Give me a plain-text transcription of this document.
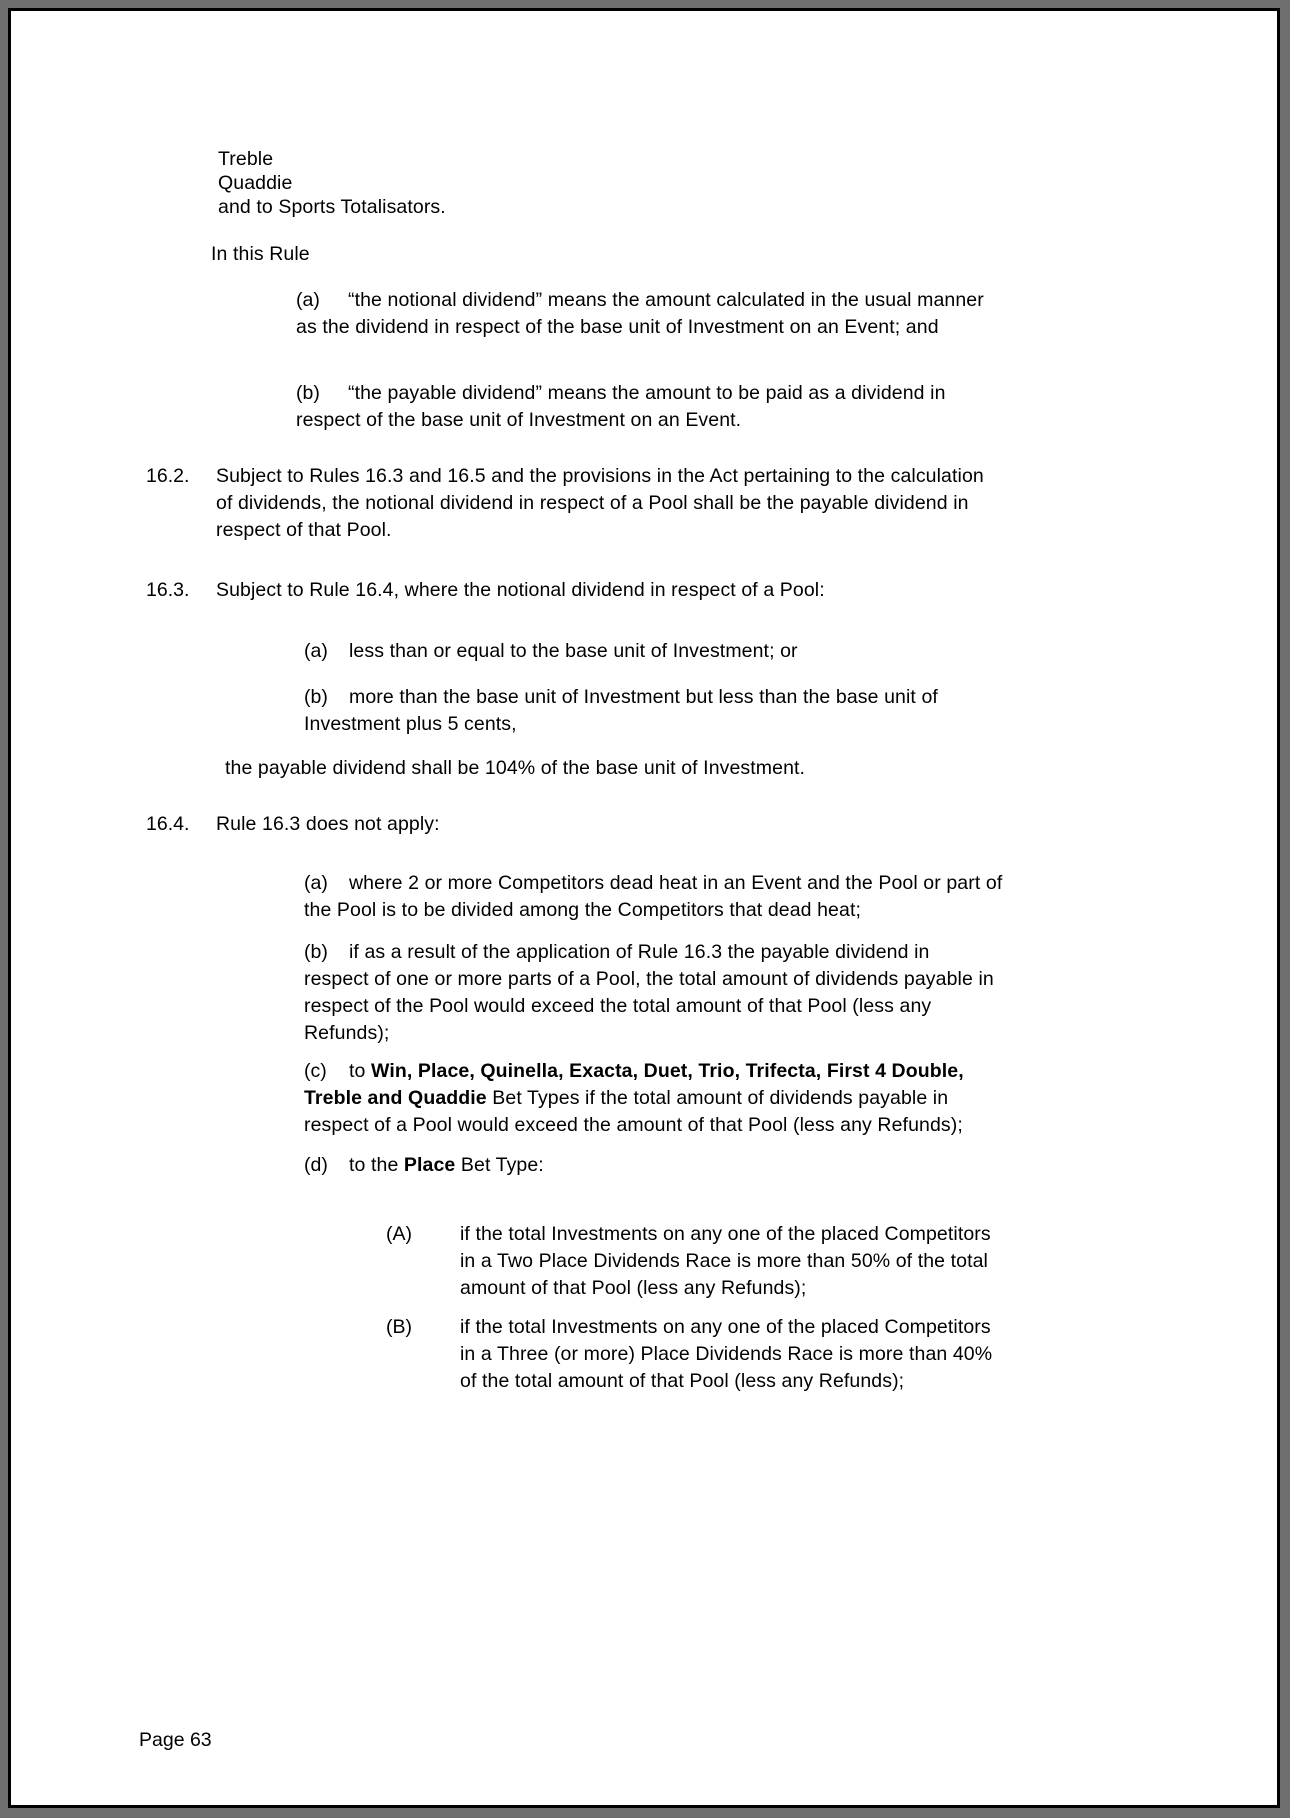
Treble
Quaddie
and to Sports Totalisators.
In this Rule
(a)	“the notional dividend” means the amount calculated in the usual manner as the dividend in respect of the base unit of Investment on an Event; and
(b)	“the payable dividend” means the amount to be paid as a dividend in respect of the base unit of Investment on an Event.
16.2.	Subject to Rules 16.3 and 16.5 and the provisions in the Act pertaining to the calculation of dividends, the notional dividend in respect of a Pool shall be the payable dividend in respect of that Pool.
16.3.	Subject to Rule 16.4, where the notional dividend in respect of a Pool:
(a)	less than or equal to the base unit of Investment; or
(b)	more than the base unit of Investment but less than the base unit of Investment plus 5 cents,
the payable dividend shall be 104% of the base unit of Investment.
16.4.	Rule 16.3 does not apply:
(a)	where 2 or more Competitors dead heat in an Event and the Pool or part of the Pool is to be divided among the Competitors that dead heat;
(b)	if as a result of the application of Rule 16.3 the payable dividend in respect of one or more parts of a Pool, the total amount of dividends payable in respect of the Pool would exceed the total amount of that Pool (less any Refunds);
(c)	to Win, Place, Quinella, Exacta, Duet, Trio, Trifecta, First 4 Double, Treble and Quaddie Bet Types if the total amount of dividends payable in respect of a Pool would exceed the amount of that Pool (less any Refunds);
(d)	to the Place Bet Type:
(A)	if the total Investments on any one of the placed Competitors in a Two Place Dividends Race is more than 50% of the total amount of that Pool (less any Refunds);
(B)	if the total Investments on any one of the placed Competitors in a Three (or more) Place Dividends Race is more than 40% of the total amount of that Pool (less any Refunds);
Page 63
